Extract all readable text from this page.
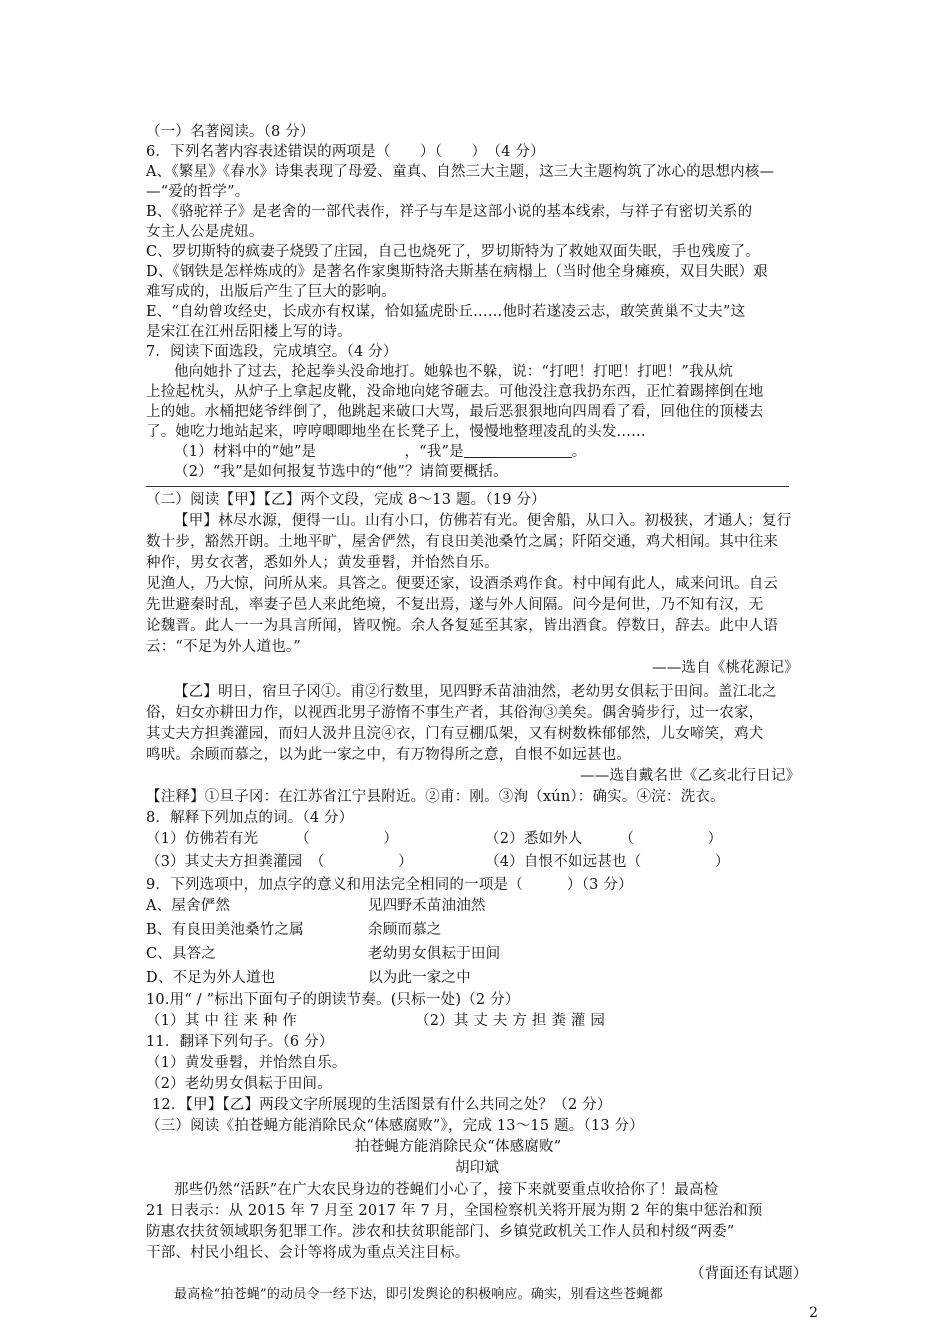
（一）名著阅读。（8 分）
6．下列名著内容表述错误的两项是（　　）（　　）　（4 分）
A、《繁星》《春水》诗集表现了母爱、童真、自然三大主题，这三大主题构筑了冰心的思想内核—
—“爱的哲学”。
B、《骆驼祥子》是老舍的一部代表作，祥子与车是这部小说的基本线索，与祥子有密切关系的
女主人公是虎妞。
C、罗切斯特的疯妻子烧毁了庄园，自己也烧死了，罗切斯特为了救她双面失眠，手也残废了。
D、《钢铁是怎样炼成的》是著名作家奥斯特洛夫斯基在病榻上（当时他全身瘫痪，双目失眠）艰
难写成的，出版后产生了巨大的影响。
E、“自幼曾攻经史，长成亦有权谋，恰如猛虎卧丘……他时若遂凌云志，敢笑黄巢不丈夫”这
是宋江在江州岳阳楼上写的诗。
7．阅读下面选段，完成填空。（4 分）
他向她扑了过去，抡起拳头没命地打。她躲也不躲，说：“打吧！打吧！打吧！”我从炕
上捡起枕头，从炉子上拿起皮靴，没命地向姥爷砸去。可他没注意我扔东西，正忙着踢摔倒在地
上的她。水桶把姥爷绊倒了，他跳起来破口大骂，最后恶狠狠地向四周看了看，回他住的顶楼去
了。她吃力地站起来，哼哼唧唧地坐在长凳子上，慢慢地整理凌乱的头发……
（1）材料中的“她”是　　　　　　，“我”是	。
（2）“我”是如何报复节选中的“他”？请简要概括。
（二）阅读【甲】【乙】两个文段，完成 8～13 题。（19 分）
【甲】林尽水源，便得一山。山有小口，仿佛若有光。便舍船，从口入。初极狭，才通人；复行
数十步，豁然开朗。土地平旷，屋舍俨然，有良田美池桑竹之属；阡陌交通，鸡犬相闻。其中往来
种作，男女衣著，悉如外人；黄发垂髫，并怡然自乐。
见渔人，乃大惊，问所从来。具答之。便要还家，设酒杀鸡作食。村中闻有此人，咸来问讯。自云
先世避秦时乱，率妻子邑人来此绝境，不复出焉，遂与外人间隔。问今是何世，乃不知有汉，无
论魏晋。此人一一为具言所闻，皆叹惋。余人各复延至其家，皆出酒食。停数日，辞去。此中人语
云：“不足为外人道也。”
——选自《桃花源记》
【乙】明日，宿旦子冈①。甫②行数里，见四野禾苗油油然，老幼男女俱耘于田间。盖江北之
俗，妇女亦耕田力作，以视西北男子游惰不事生产者，其俗洵③美矣。偶舍骑步行，过一农家，
其丈夫方担粪灌园，而妇人汲井且浣④衣，门有豆棚瓜架，又有树数株郁郁然，儿女啼笑，鸡犬
鸣吠。余顾而慕之，以为此一家之中，有万物得所之意，自恨不如远甚也。
——选自戴名世《乙亥北行日记》
【注释】①旦子冈：在江苏省江宁县附近。②甫：刚。③洵（xún）：确实。④浣：洗衣。
8．解释下列加点的词。（4 分）
（1）仿佛若有光　　　（　　　　　）	（2）悉如外人　　　（　　　　　）
（3）其丈夫方担粪灌园　（　　　　　）	（4）自恨不如远甚也（　　　　　）
9．下列选项中，加点字的意义和用法完全相同的一项是（　　　）（3 分）
A、屋舍俨然	见四野禾苗油油然
B、有良田美池桑竹之属	余顾而慕之
C、具答之	老幼男女俱耘于田间
D、不足为外人道也	以为此一家之中
10.用“ / ”标出下面句子的朗读节奏。(只标一处)（2 分）
（1）其 中 往 来 种 作	（2）其 丈 夫 方 担 粪 灌 园
11．翻译下列句子。（6 分）
（1）黄发垂髫，并怡然自乐。
（2）老幼男女俱耘于田间。
12．【甲】【乙】两段文字所展现的生活图景有什么共同之处？（2 分）
（三）阅读《拍苍蝇方能消除民众“体感腐败”》，完成 13～15 题。（13 分）
拍苍蝇方能消除民众“体感腐败”
胡印斌
那些仍然“活跃”在广大农民身边的苍蝇们小心了，接下来就要重点收拾你了！最高检
21 日表示：从 2015 年 7 月至 2017 年 7 月，全国检察机关将开展为期 2 年的集中惩治和预
防惠农扶贫领域职务犯罪工作。涉农和扶贫职能部门、乡镇党政机关工作人员和村级“两委”
干部、村民小组长、会计等将成为重点关注目标。
（背面还有试题）
最高检“拍苍蝇”的动员令一经下达，即引发舆论的积极响应。确实，别看这些苍蝇都
2
